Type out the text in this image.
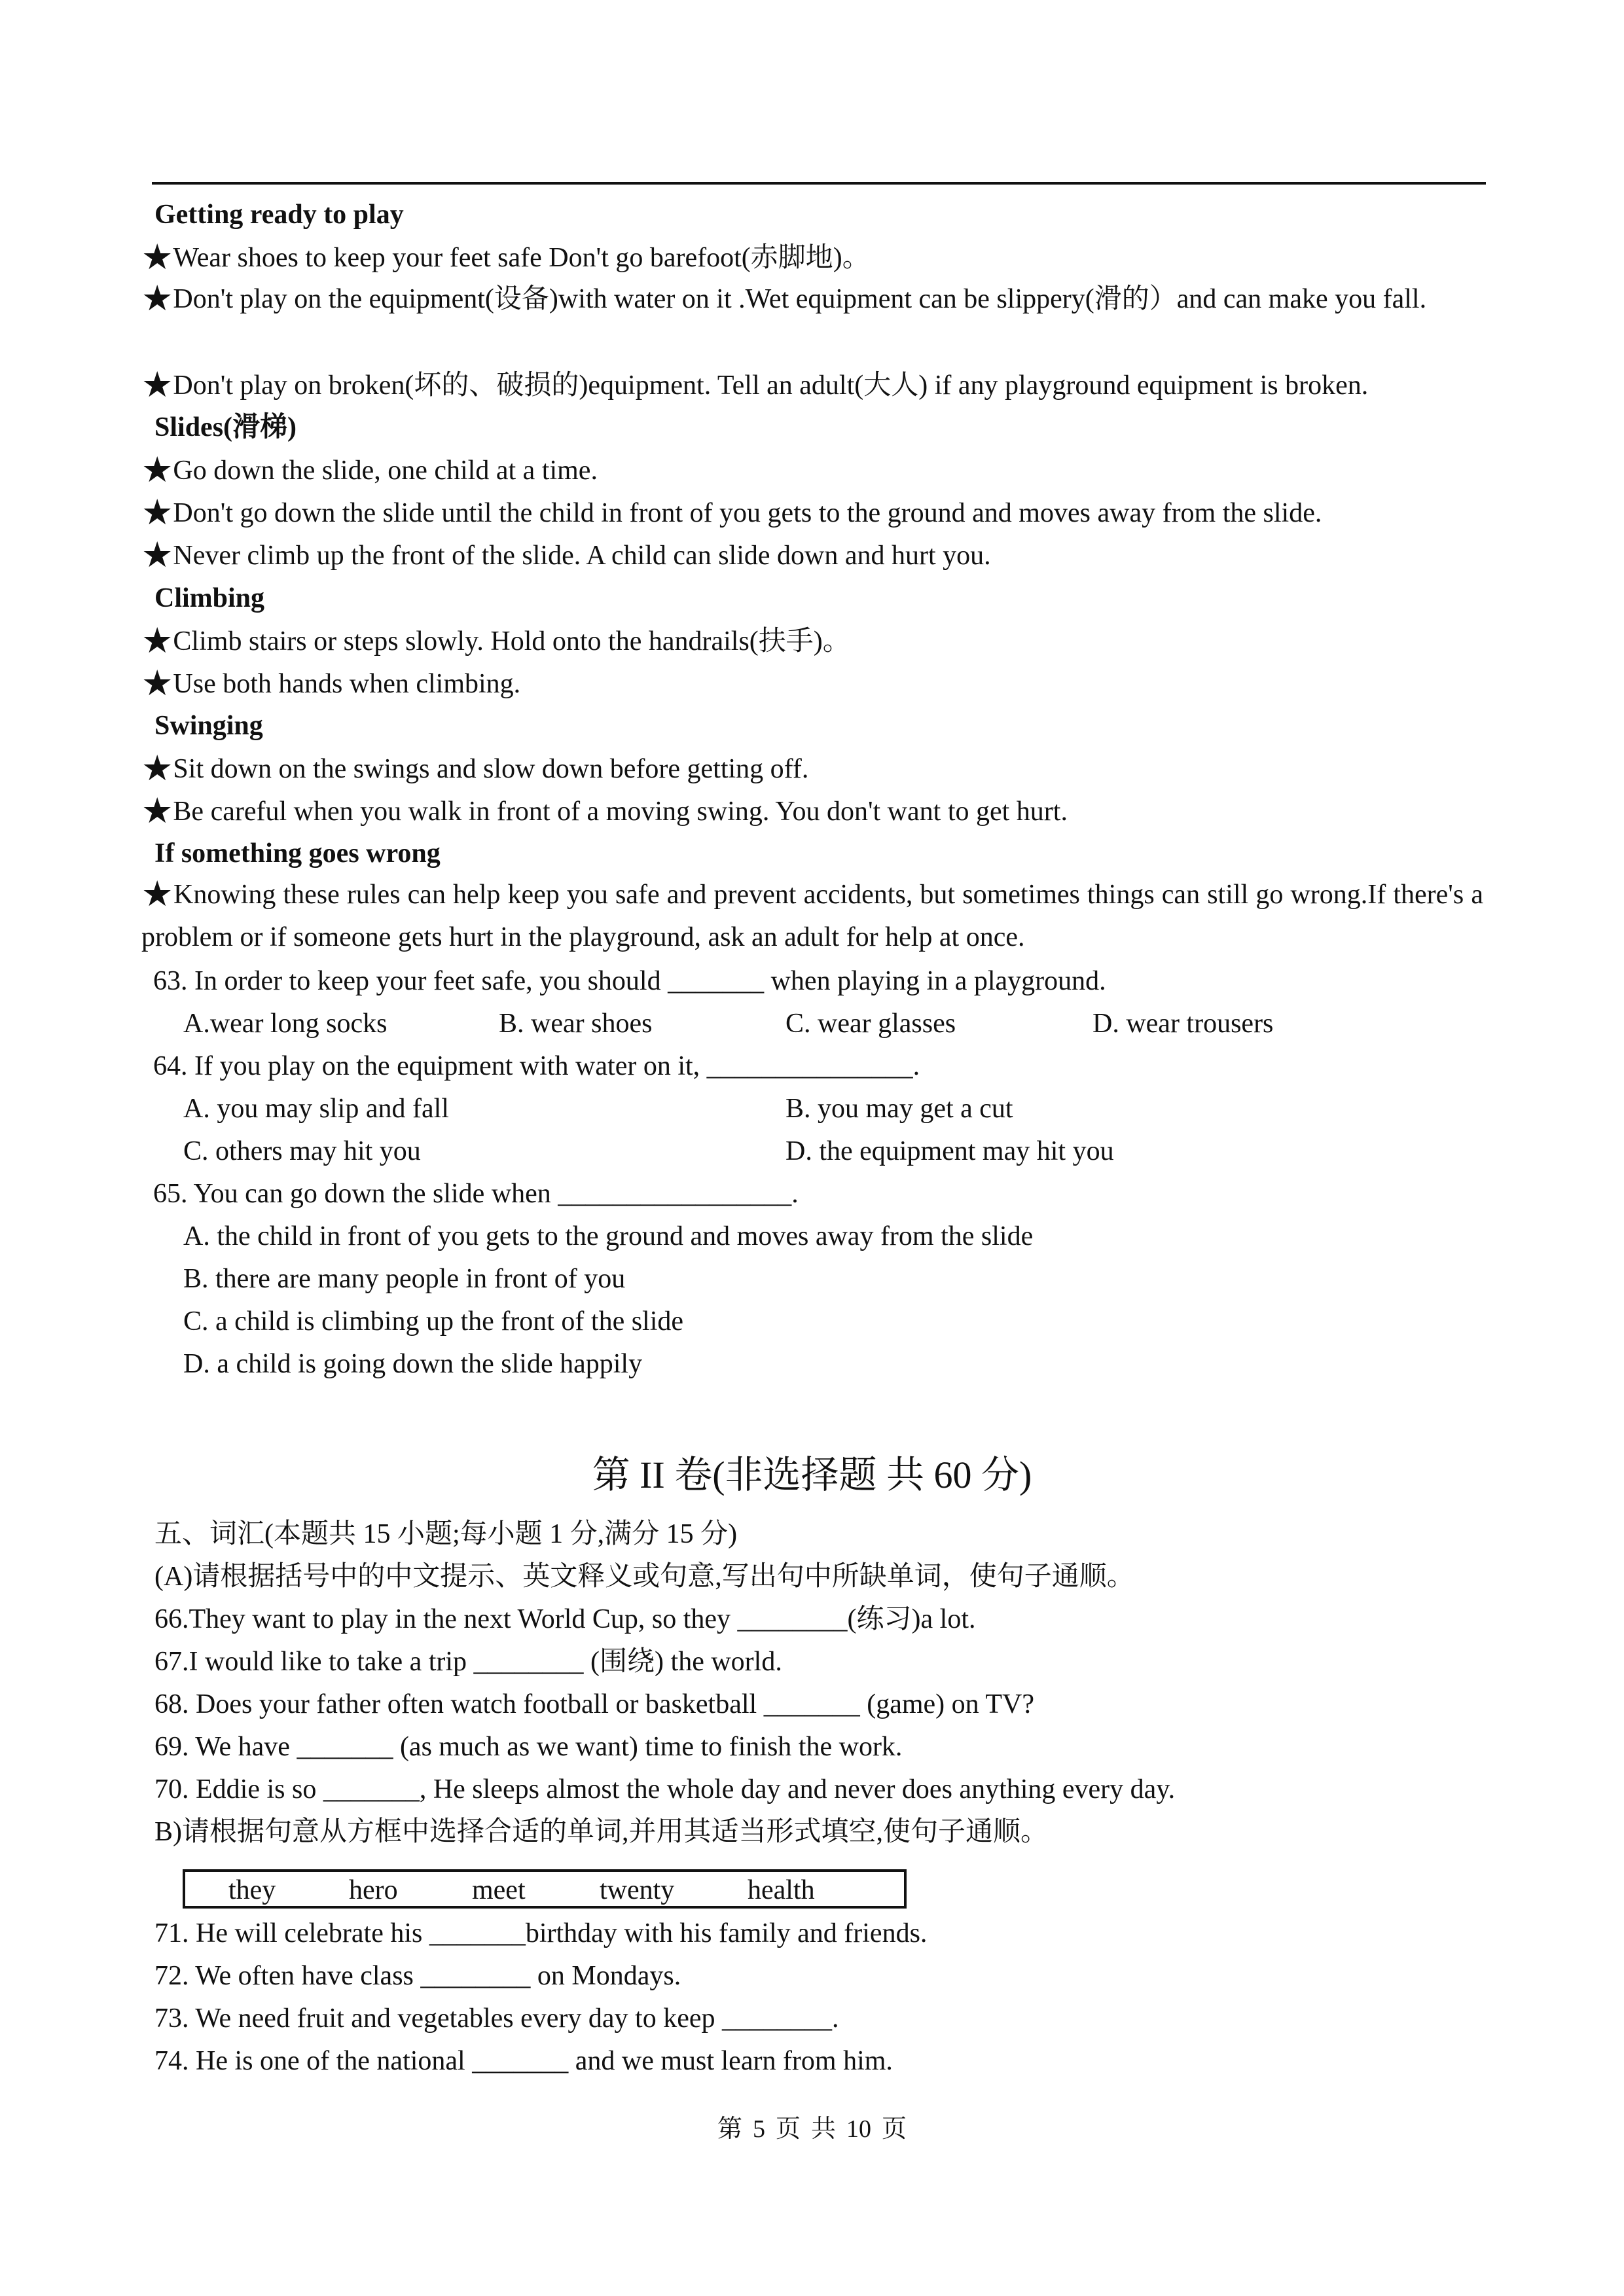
Getting ready to play
★Wear shoes to keep your feet safe Don't go barefoot(赤脚地)。
★Don't play on the equipment(设备)with water on it .Wet equipment can be slippery(滑的）and can make you fall.
★Don't play on broken(坏的、破损的)equipment. Tell an adult(大人) if any playground equipment is broken.
Slides(滑梯)
★Go down the slide, one child at a time.
★Don't go down the slide until the child in front of you gets to the ground and moves away from the slide.
★Never climb up the front of the slide. A child can slide down and hurt you.
Climbing
★Climb stairs or steps slowly. Hold onto the handrails(扶手)。
★Use both hands when climbing.
Swinging
★Sit down on the swings and slow down before getting off.
★Be careful when you walk in front of a moving swing. You don't want to get hurt.
If something goes wrong
★Knowing these rules can help keep you safe and prevent accidents, but sometimes things can still go wrong.If there's a problem or if someone gets hurt in the playground, ask an adult for help at once.
63. In order to keep your feet safe, you should _______ when playing in a playground.
A.wear long socks	B. wear shoes	C. wear glasses	D. wear trousers
64. If you play on the equipment with water on it, _______________.
A. you may slip and fall	B. you may get a cut
C. others may hit you	D. the equipment may hit you
65. You can go down the slide when _________________.
A. the child in front of you gets to the ground and moves away from the slide
B. there are many people in front of you
C. a child is climbing up the front of the slide
D. a child is going down the slide happily
第 II 卷(非选择题 共 60 分)
五、词汇(本题共 15 小题;每小题 1 分,满分 15 分)
(A)请根据括号中的中文提示、英文释义或句意,写出句中所缺单词，使句子通顺。
66.They want to play in the next World Cup, so they ________(练习)a lot.
67.I would like to take a trip ________ (围绕) the world.
68. Does your father often watch football or basketball _______ (game) on TV?
69. We have _______ (as much as we want) time to finish the work.
70. Eddie is so _______, He sleeps almost the whole day and never does anything every day.
B)请根据句意从方框中选择合适的单词,并用其适当形式填空,使句子通顺。
they	hero	meet	twenty	health
71. He will celebrate his _______birthday with his family and friends.
72. We often have class ________ on Mondays.
73. We need fruit and vegetables every day to keep ________.
74. He is one of the national _______ and we must learn from him.
第 5 页 共 10 页
